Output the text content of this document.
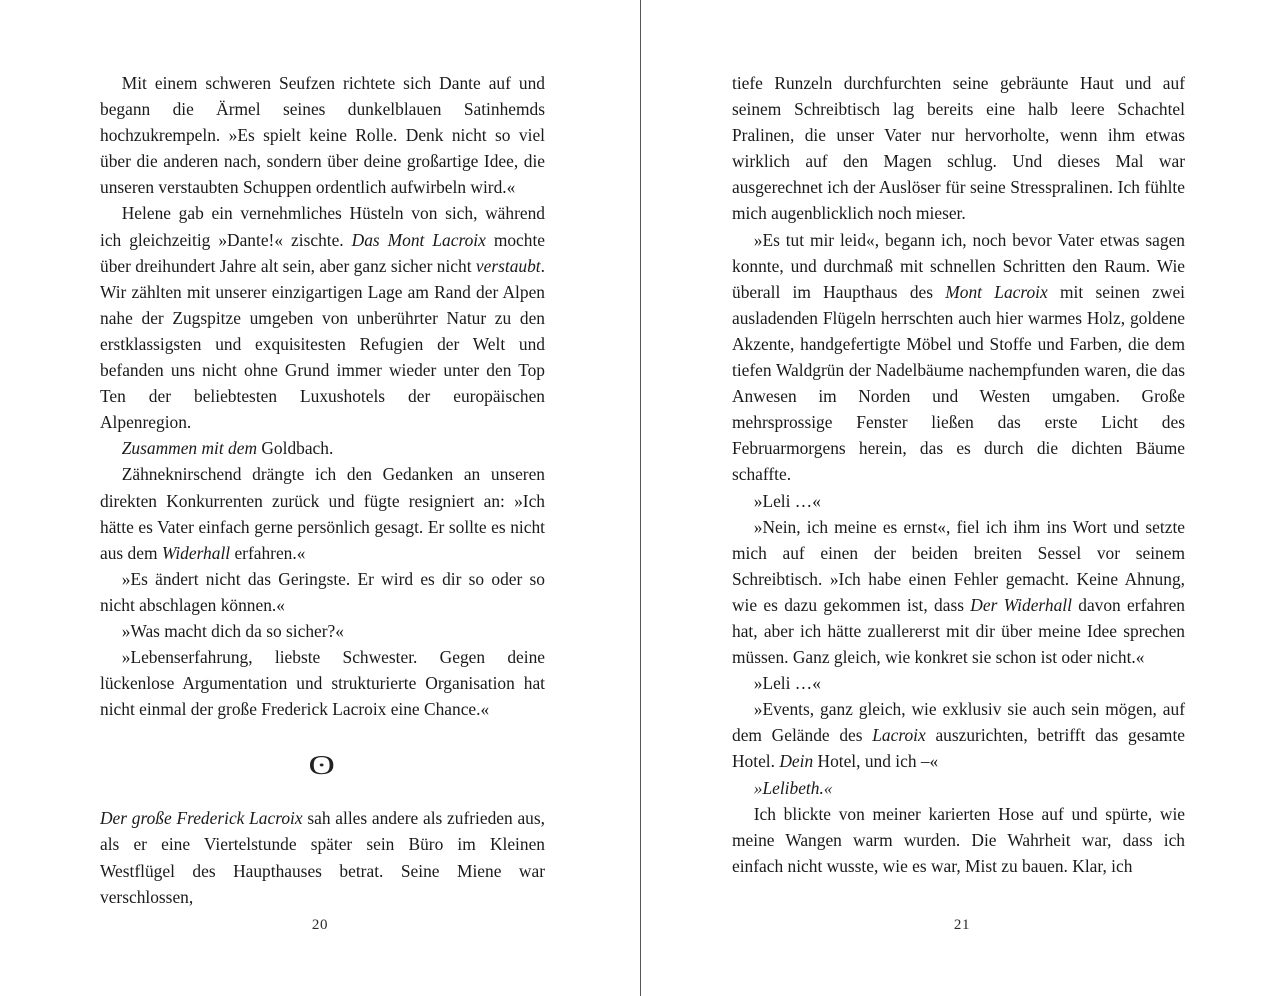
Mit einem schweren Seufzen richtete sich Dante auf und begann die Ärmel seines dunkelblauen Satinhemds hochzukrempeln. »Es spielt keine Rolle. Denk nicht so viel über die anderen nach, sondern über deine großartige Idee, die unseren verstaubten Schuppen ordentlich aufwirbeln wird.«

Helene gab ein vernehmliches Hüsteln von sich, während ich gleichzeitig »Dante!« zischte. Das Mont Lacroix mochte über dreihundert Jahre alt sein, aber ganz sicher nicht verstaubt. Wir zählten mit unserer einzigartigen Lage am Rand der Alpen nahe der Zugspitze umgeben von unberührter Natur zu den erstklassigsten und exquisitesten Refugien der Welt und befanden uns nicht ohne Grund immer wieder unter den Top Ten der beliebtesten Luxushotels der europäischen Alpenregion.

Zusammen mit dem Goldbach.

Zähneknirschend drängte ich den Gedanken an unseren direkten Konkurrenten zurück und fügte resigniert an: »Ich hätte es Vater einfach gerne persönlich gesagt. Er sollte es nicht aus dem Widerhall erfahren.«

»Es ändert nicht das Geringste. Er wird es dir so oder so nicht abschlagen können.«

»Was macht dich da so sicher?«

»Lebenserfahrung, liebste Schwester. Gegen deine lückenlose Argumentation und strukturierte Organisation hat nicht einmal der große Frederick Lacroix eine Chance.«

ʘ

Der große Frederick Lacroix sah alles andere als zufrieden aus, als er eine Viertelstunde später sein Büro im Kleinen Westflügel des Haupthauses betrat. Seine Miene war verschlossen,

20

tiefe Runzeln durchfurchten seine gebräunte Haut und auf seinem Schreibtisch lag bereits eine halb leere Schachtel Pralinen, die unser Vater nur hervorholte, wenn ihm etwas wirklich auf den Magen schlug. Und dieses Mal war ausgerechnet ich der Auslöser für seine Stresspralinen. Ich fühlte mich augenblicklich noch mieser.

»Es tut mir leid«, begann ich, noch bevor Vater etwas sagen konnte, und durchmaß mit schnellen Schritten den Raum. Wie überall im Haupthaus des Mont Lacroix mit seinen zwei ausladenden Flügeln herrschten auch hier warmes Holz, goldene Akzente, handgefertigte Möbel und Stoffe und Farben, die dem tiefen Waldgrün der Nadelbäume nachempfunden waren, die das Anwesen im Norden und Westen umgaben. Große mehrsprossige Fenster ließen das erste Licht des Februarmorgens herein, das es durch die dichten Bäume schaffte.

»Leli …«

»Nein, ich meine es ernst«, fiel ich ihm ins Wort und setzte mich auf einen der beiden breiten Sessel vor seinem Schreibtisch. »Ich habe einen Fehler gemacht. Keine Ahnung, wie es dazu gekommen ist, dass Der Widerhall davon erfahren hat, aber ich hätte zuallererst mit dir über meine Idee sprechen müssen. Ganz gleich, wie konkret sie schon ist oder nicht.«

»Leli …«

»Events, ganz gleich, wie exklusiv sie auch sein mögen, auf dem Gelände des Lacroix auszurichten, betrifft das gesamte Hotel. Dein Hotel, und ich –«

»Lelibeth.«

Ich blickte von meiner karierten Hose auf und spürte, wie meine Wangen warm wurden. Die Wahrheit war, dass ich einfach nicht wusste, wie es war, Mist zu bauen. Klar, ich

21
